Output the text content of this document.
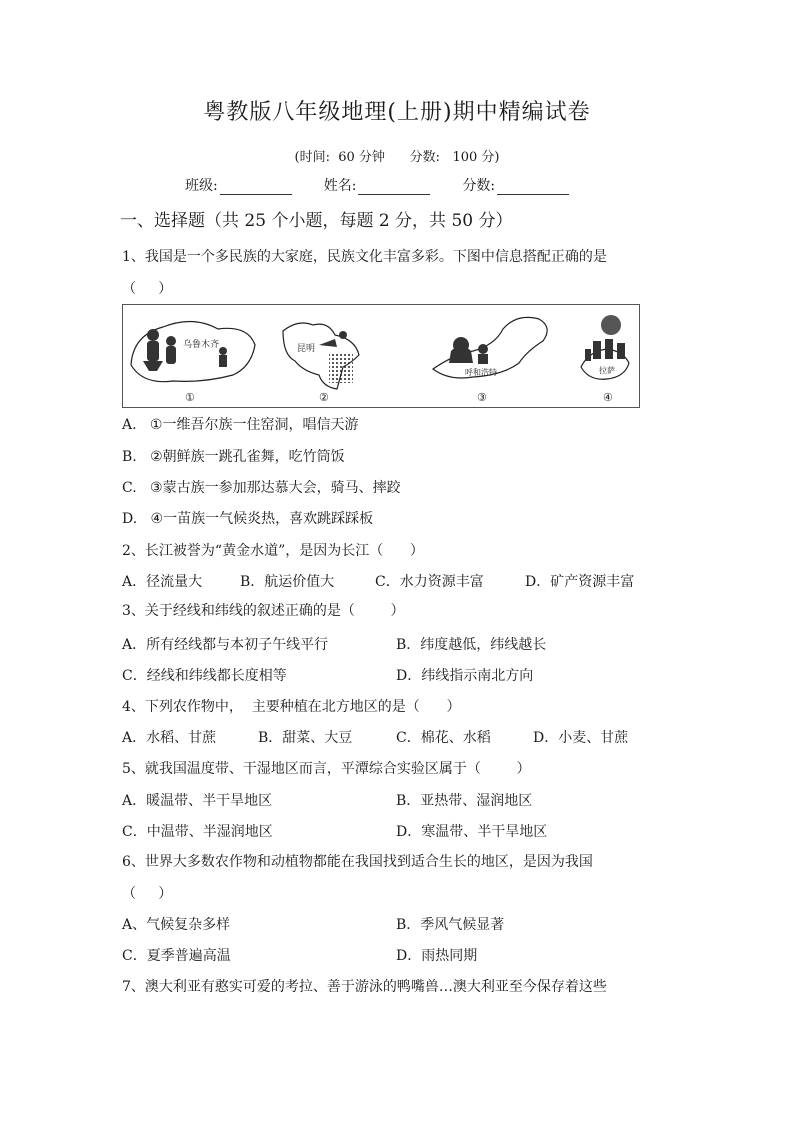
粤教版八年级地理(上册)期中精编试卷
(时间:  60 分钟      分数:   100 分)
班级:	姓名:	分数:
一、选择题（共 25 个小题，每题 2 分，共 50 分）
1、我国是一个多民族的大家庭，民族文化丰富多彩。下图中信息搭配正确的是
（     ）
乌鲁木齐
①
昆明
②
呼和浩特
③
拉萨
④
A.   ①一维吾尔族一住窑洞，唱信天游
B.   ②朝鲜族一跳孔雀舞，吃竹筒饭
C.   ③蒙古族一参加那达慕大会，骑马、摔跤
D.   ④一苗族一气候炎热，喜欢跳踩踩板
2、长江被誉为“黄金水道”，是因为长江（      ）
A．径流量大	B．航运价值大	C．水力资源丰富	D．矿产资源丰富
3、关于经线和纬线的叙述正确的是（        ）
A．所有经线都与本初子午线平行	B．纬度越低，纬线越长
C．经线和纬线都长度相等	D．纬线指示南北方向
4、下列农作物中，  主要种植在北方地区的是（      ）
A．水稻、甘蔗	B．甜菜、大豆	C．棉花、水稻	D．小麦、甘蔗
5、就我国温度带、干湿地区而言，平潭综合实验区属于（        ）
A．暖温带、半干旱地区	B．亚热带、湿润地区
C．中温带、半湿润地区	D．寒温带、半干旱地区
6、世界大多数农作物和动植物都能在我国找到适合生长的地区，是因为我国
（     ）
A、气候复杂多样	B．季风气候显著
C．夏季普遍高温	D．雨热同期
7、澳大利亚有憨实可爱的考拉、善于游泳的鸭嘴兽…澳大利亚至今保存着这些
